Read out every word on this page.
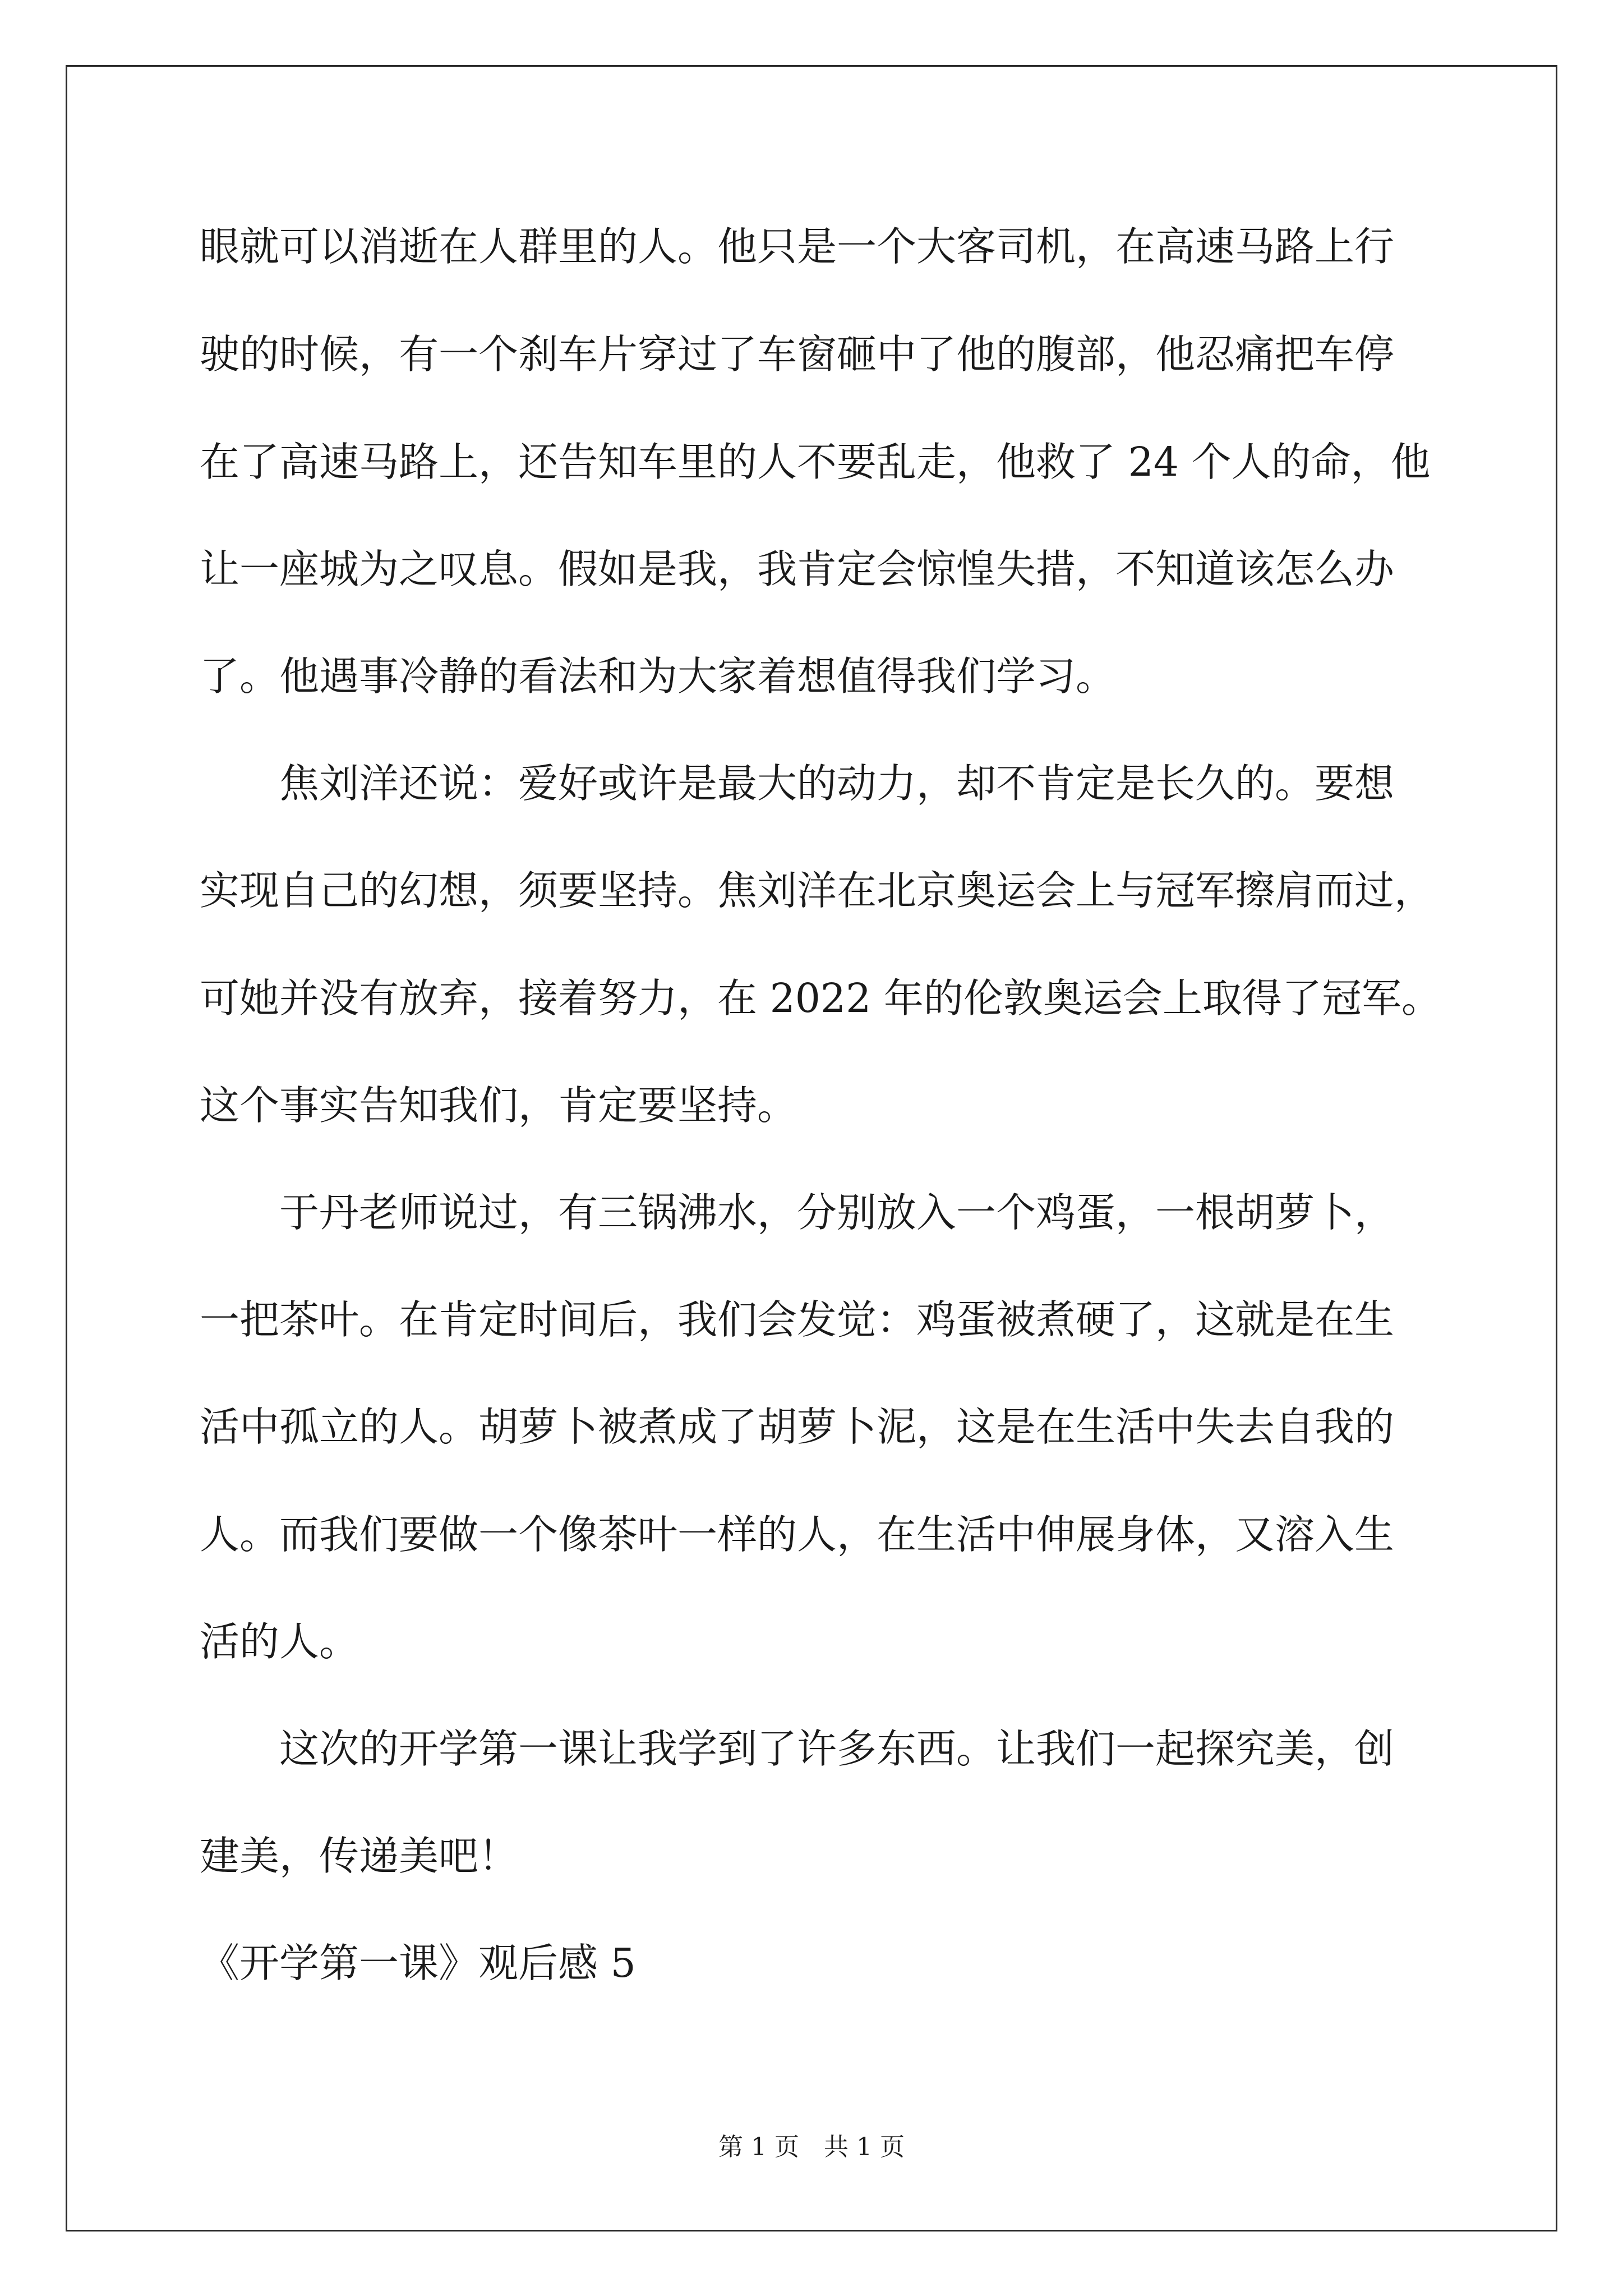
眼就可以消逝在人群里的人。他只是一个大客司机，在高速马路上行
驶的时候，有一个刹车片穿过了车窗砸中了他的腹部，他忍痛把车停
在了高速马路上，还告知车里的人不要乱走，他救了 24 个人的命，他
让一座城为之叹息。假如是我，我肯定会惊惶失措，不知道该怎么办
了。他遇事冷静的看法和为大家着想值得我们学习。
　　焦刘洋还说：爱好或许是最大的动力，却不肯定是长久的。要想
实现自己的幻想，须要坚持。焦刘洋在北京奥运会上与冠军擦肩而过，
可她并没有放弃，接着努力，在 2022 年的伦敦奥运会上取得了冠军。
这个事实告知我们，肯定要坚持。
　　于丹老师说过，有三锅沸水，分别放入一个鸡蛋，一根胡萝卜，
一把茶叶。在肯定时间后，我们会发觉：鸡蛋被煮硬了，这就是在生
活中孤立的人。胡萝卜被煮成了胡萝卜泥，这是在生活中失去自我的
人。而我们要做一个像茶叶一样的人，在生活中伸展身体，又溶入生
活的人。
　　这次的开学第一课让我学到了许多东西。让我们一起探究美，创
建美，传递美吧！
《开学第一课》观后感 5
第 1 页　共 1 页
